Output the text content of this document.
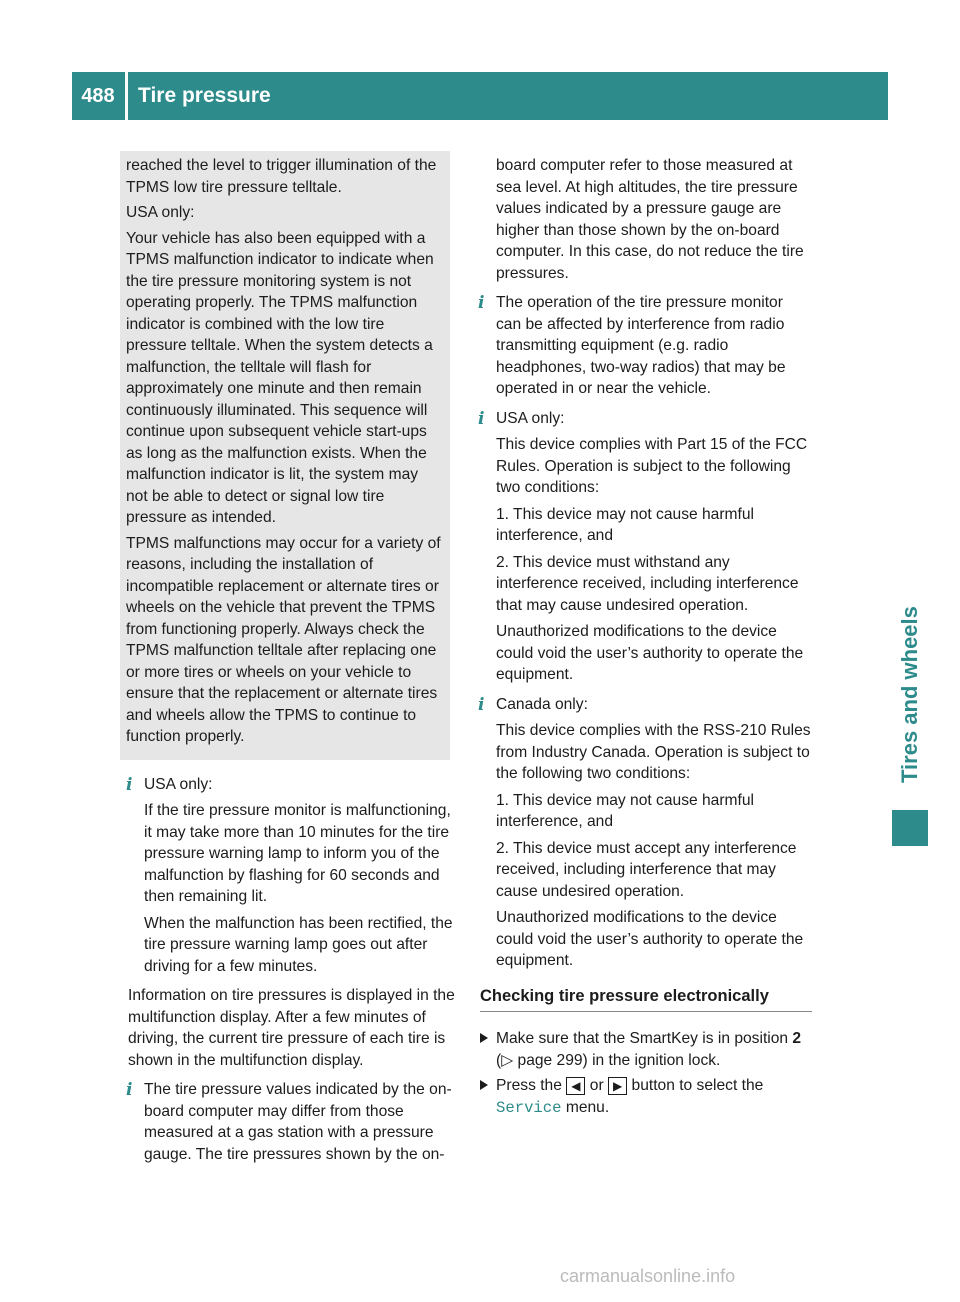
488	Tire pressure
Tires and wheels

reached the level to trigger illumination of the TPMS low tire pressure telltale.

USA only:

Your vehicle has also been equipped with a TPMS malfunction indicator to indicate when the tire pressure monitoring system is not operating properly. The TPMS malfunction indicator is combined with the low tire pressure telltale. When the system detects a malfunction, the telltale will flash for approximately one minute and then remain continuously illuminated. This sequence will continue upon subsequent vehicle start-ups as long as the malfunction exists. When the malfunction indicator is lit, the system may not be able to detect or signal low tire pressure as intended.

TPMS malfunctions may occur for a variety of reasons, including the installation of incompatible replacement or alternate tires or wheels on the vehicle that prevent the TPMS from functioning properly. Always check the TPMS malfunction telltale after replacing one or more tires or wheels on your vehicle to ensure that the replacement or alternate tires and wheels allow the TPMS to continue to function properly.

i USA only:

If the tire pressure monitor is malfunctioning, it may take more than 10 minutes for the tire pressure warning lamp to inform you of the malfunction by flashing for 60 seconds and then remaining lit.

When the malfunction has been rectified, the tire pressure warning lamp goes out after driving for a few minutes.

Information on tire pressures is displayed in the multifunction display. After a few minutes of driving, the current tire pressure of each tire is shown in the multifunction display.

i The tire pressure values indicated by the on-board computer may differ from those measured at a gas station with a pressure gauge. The tire pressures shown by the on-

board computer refer to those measured at sea level. At high altitudes, the tire pressure values indicated by a pressure gauge are higher than those shown by the on-board computer. In this case, do not reduce the tire pressures.

i The operation of the tire pressure monitor can be affected by interference from radio transmitting equipment (e.g. radio headphones, two-way radios) that may be operated in or near the vehicle.

i USA only:

This device complies with Part 15 of the FCC Rules. Operation is subject to the following two conditions:

1. This device may not cause harmful interference, and

2. This device must withstand any interference received, including interference that may cause undesired operation.

Unauthorized modifications to the device could void the user’s authority to operate the equipment.

i Canada only:

This device complies with the RSS-210 Rules from Industry Canada. Operation is subject to the following two conditions:

1. This device may not cause harmful interference, and

2. This device must accept any interference received, including interference that may cause undesired operation.

Unauthorized modifications to the device could void the user’s authority to operate the equipment.

Checking tire pressure electronically
Make sure that the SmartKey is in position 2 (▷ page 299) in the ignition lock.
Press the ◀ or ▶ button to select the Service menu.
carmanualsonline.info
